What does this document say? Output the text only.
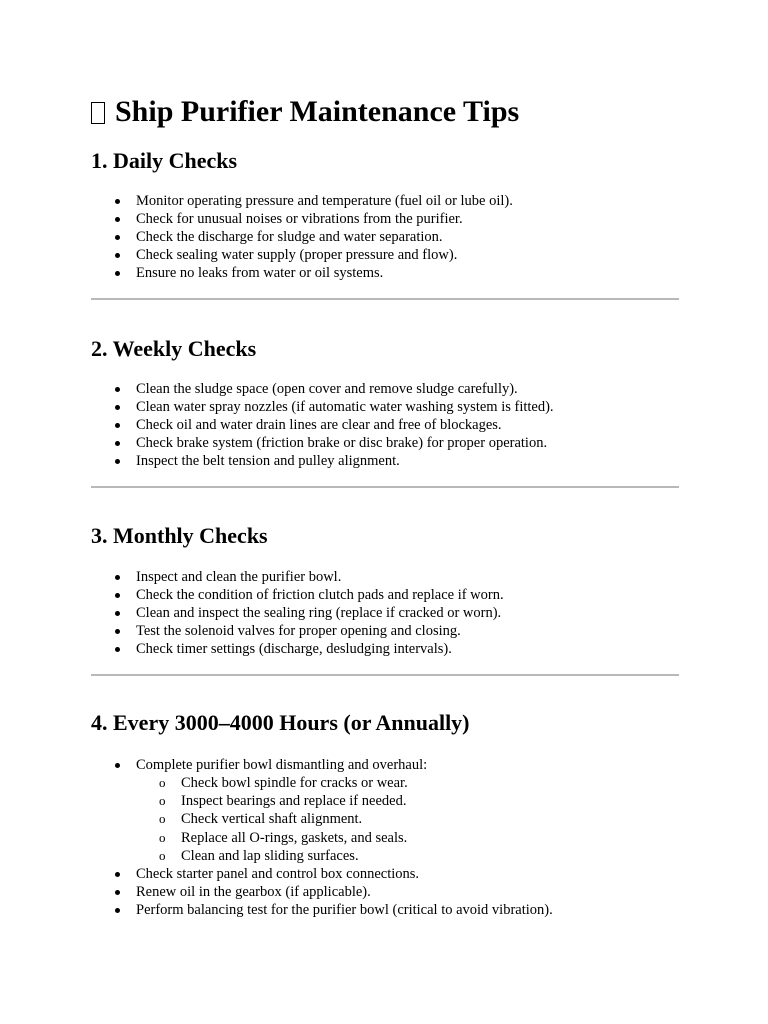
Ship Purifier Maintenance Tips
1. Daily Checks
Monitor operating pressure and temperature (fuel oil or lube oil).
Check for unusual noises or vibrations from the purifier.
Check the discharge for sludge and water separation.
Check sealing water supply (proper pressure and flow).
Ensure no leaks from water or oil systems.
2. Weekly Checks
Clean the sludge space (open cover and remove sludge carefully).
Clean water spray nozzles (if automatic water washing system is fitted).
Check oil and water drain lines are clear and free of blockages.
Check brake system (friction brake or disc brake) for proper operation.
Inspect the belt tension and pulley alignment.
3. Monthly Checks
Inspect and clean the purifier bowl.
Check the condition of friction clutch pads and replace if worn.
Clean and inspect the sealing ring (replace if cracked or worn).
Test the solenoid valves for proper opening and closing.
Check timer settings (discharge, desludging intervals).
4. Every 3000–4000 Hours (or Annually)
Complete purifier bowl dismantling and overhaul:
o Check bowl spindle for cracks or wear.
o Inspect bearings and replace if needed.
o Check vertical shaft alignment.
o Replace all O-rings, gaskets, and seals.
o Clean and lap sliding surfaces.
Check starter panel and control box connections.
Renew oil in the gearbox (if applicable).
Perform balancing test for the purifier bowl (critical to avoid vibration).
